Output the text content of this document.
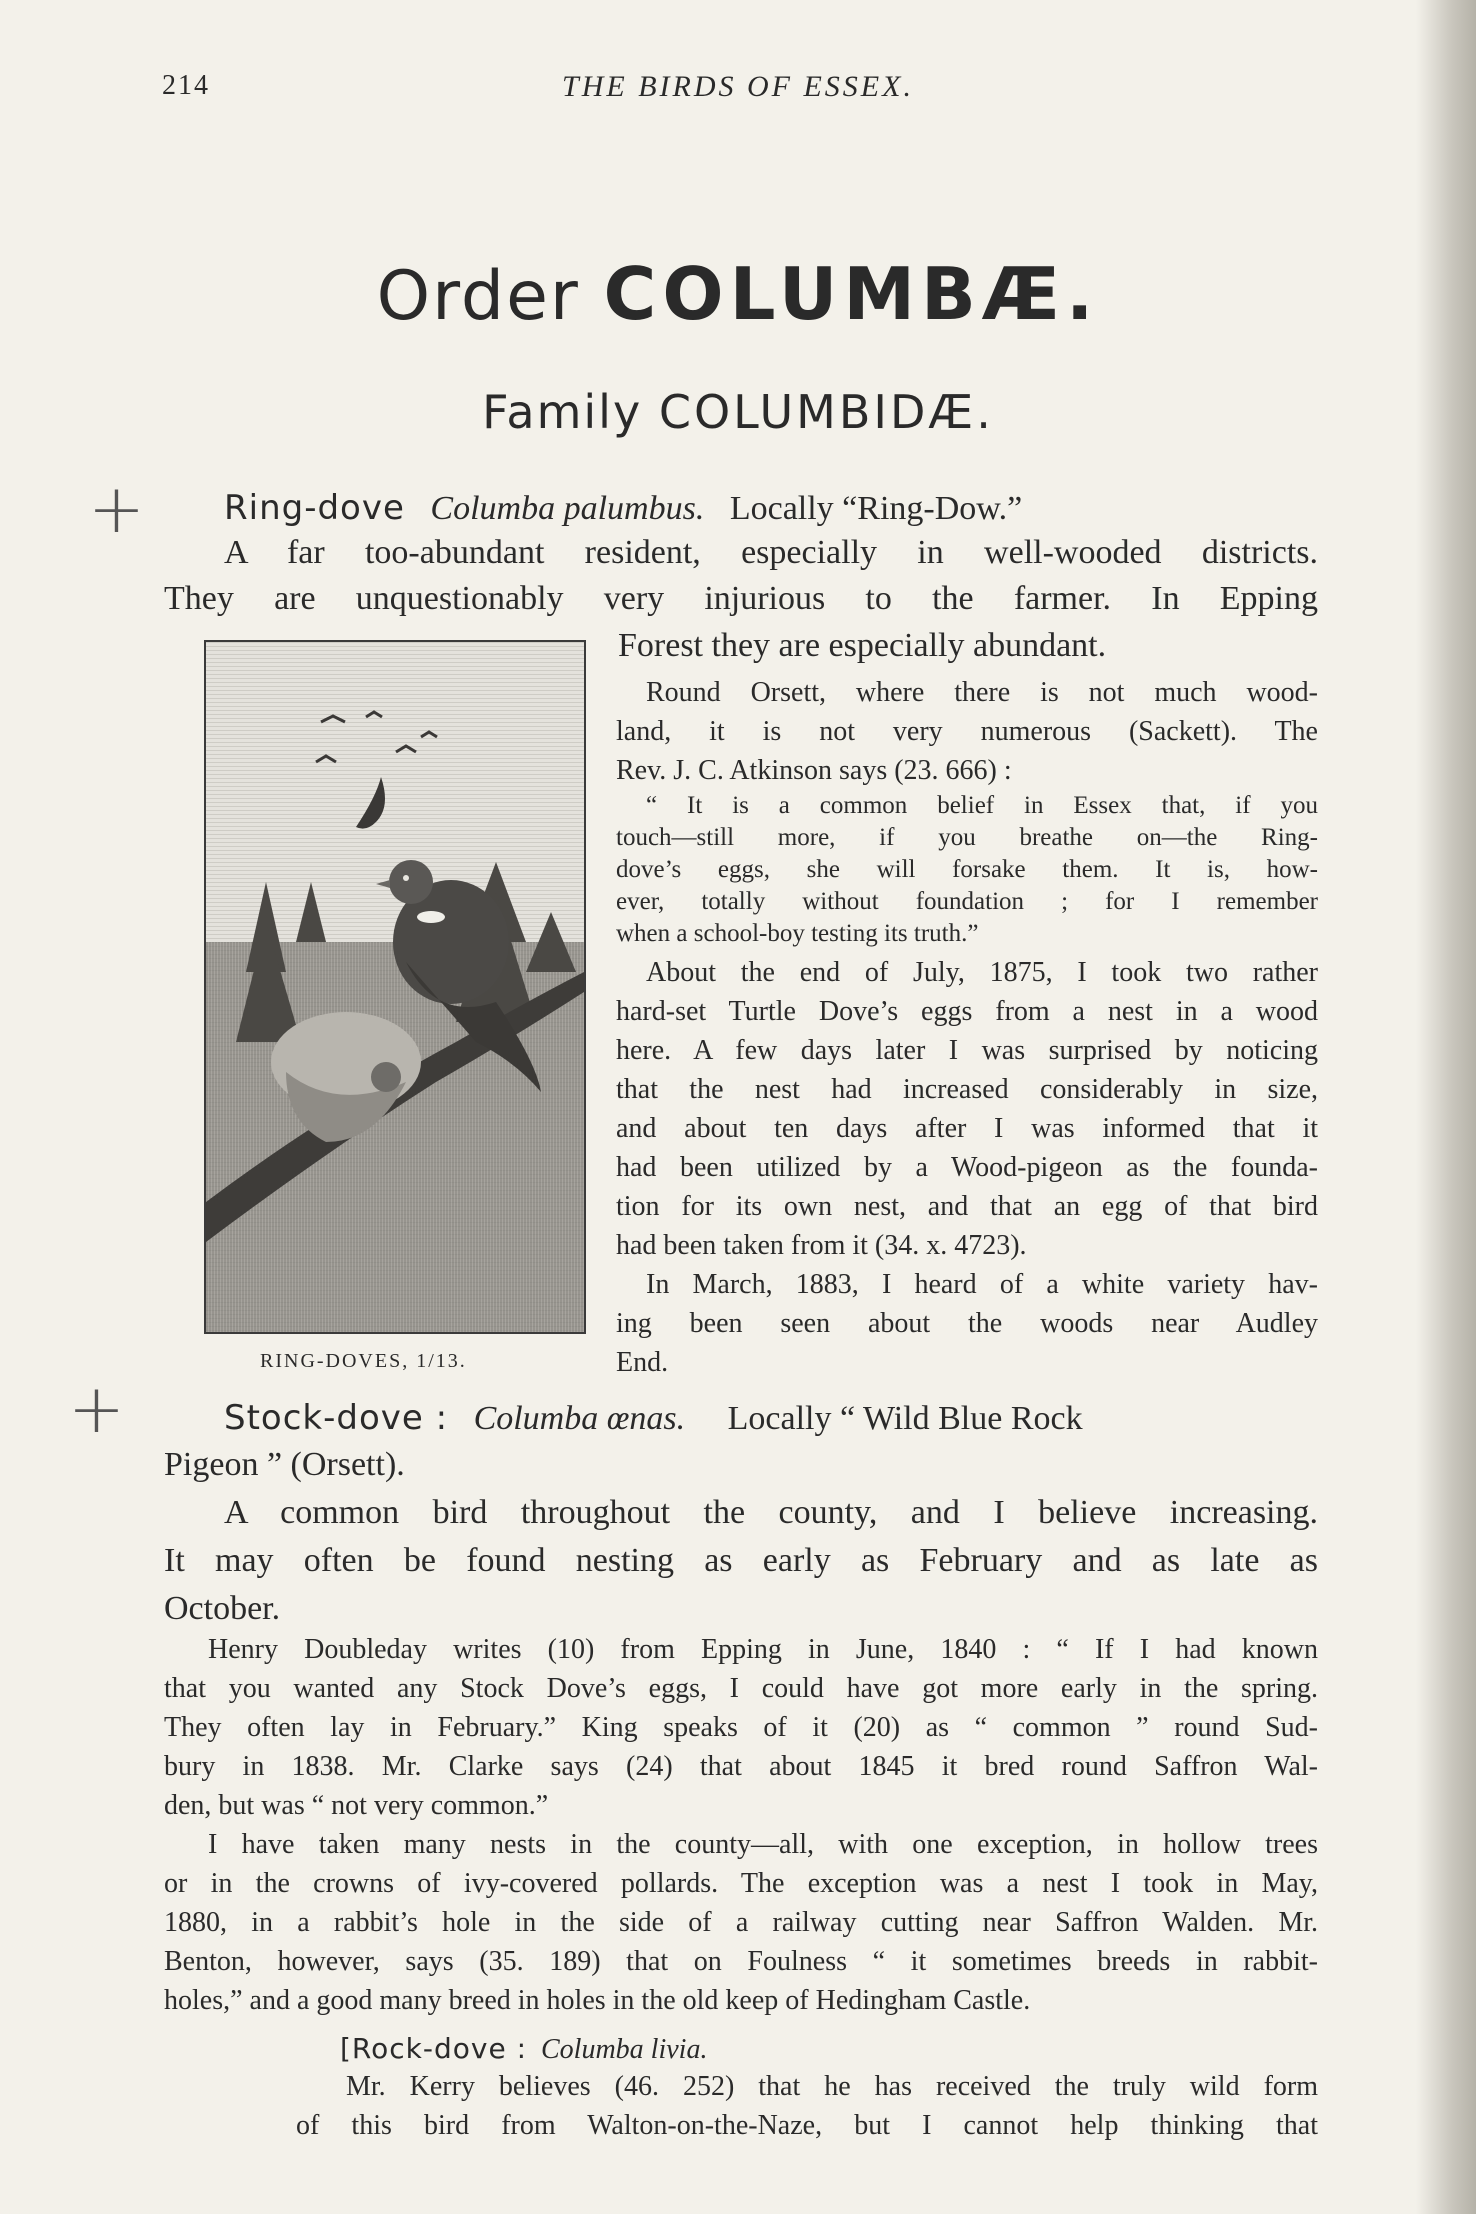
214	THE BIRDS OF ESSEX.
Order COLUMBÆ.
Family COLUMBIDÆ.
+
+
Ring-dove Columba palumbus. Locally “Ring-Dow.”
A far too-abundant resident, especially in well-wooded districts.
They are unquestionably very injurious to the farmer. In Epping
Forest they are especially abundant.
Round Orsett, where there is not much wood-
land, it is not very numerous (Sackett). The
Rev. J. C. Atkinson says (23. 666) :
“ It is a common belief in Essex that, if you
touch—still more, if you breathe on—the Ring-
dove’s eggs, she will forsake them. It is, how-
ever, totally without foundation ; for I remember
when a school-boy testing its truth.”
About the end of July, 1875, I took two rather
hard-set Turtle Dove’s eggs from a nest in a wood
here. A few days later I was surprised by noticing
that the nest had increased considerably in size,
and about ten days after I was informed that it
had been utilized by a Wood-pigeon as the founda-
tion for its own nest, and that an egg of that bird
had been taken from it (34. x. 4723).
In March, 1883, I heard of a white variety hav-
ing been seen about the woods near Audley
End.
RING-DOVES, 1/13.
Stock-dove : Columba œnas. Locally “ Wild Blue Rock
Pigeon ” (Orsett).
A common bird throughout the county, and I believe increasing.
It may often be found nesting as early as February and as late as
October.
Henry Doubleday writes (10) from Epping in June, 1840 : “ If I had known
that you wanted any Stock Dove’s eggs, I could have got more early in the spring.
They often lay in February.” King speaks of it (20) as “ common ” round Sud-
bury in 1838. Mr. Clarke says (24) that about 1845 it bred round Saffron Wal-
den, but was “ not very common.”
I have taken many nests in the county—all, with one exception, in hollow trees
or in the crowns of ivy-covered pollards. The exception was a nest I took in May,
1880, in a rabbit’s hole in the side of a railway cutting near Saffron Walden. Mr.
Benton, however, says (35. 189) that on Foulness “ it sometimes breeds in rabbit-
holes,” and a good many breed in holes in the old keep of Hedingham Castle.
[Rock-dove : Columba livia.
Mr. Kerry believes (46. 252) that he has received the truly wild form
of this bird from Walton-on-the-Naze, but I cannot help thinking that
